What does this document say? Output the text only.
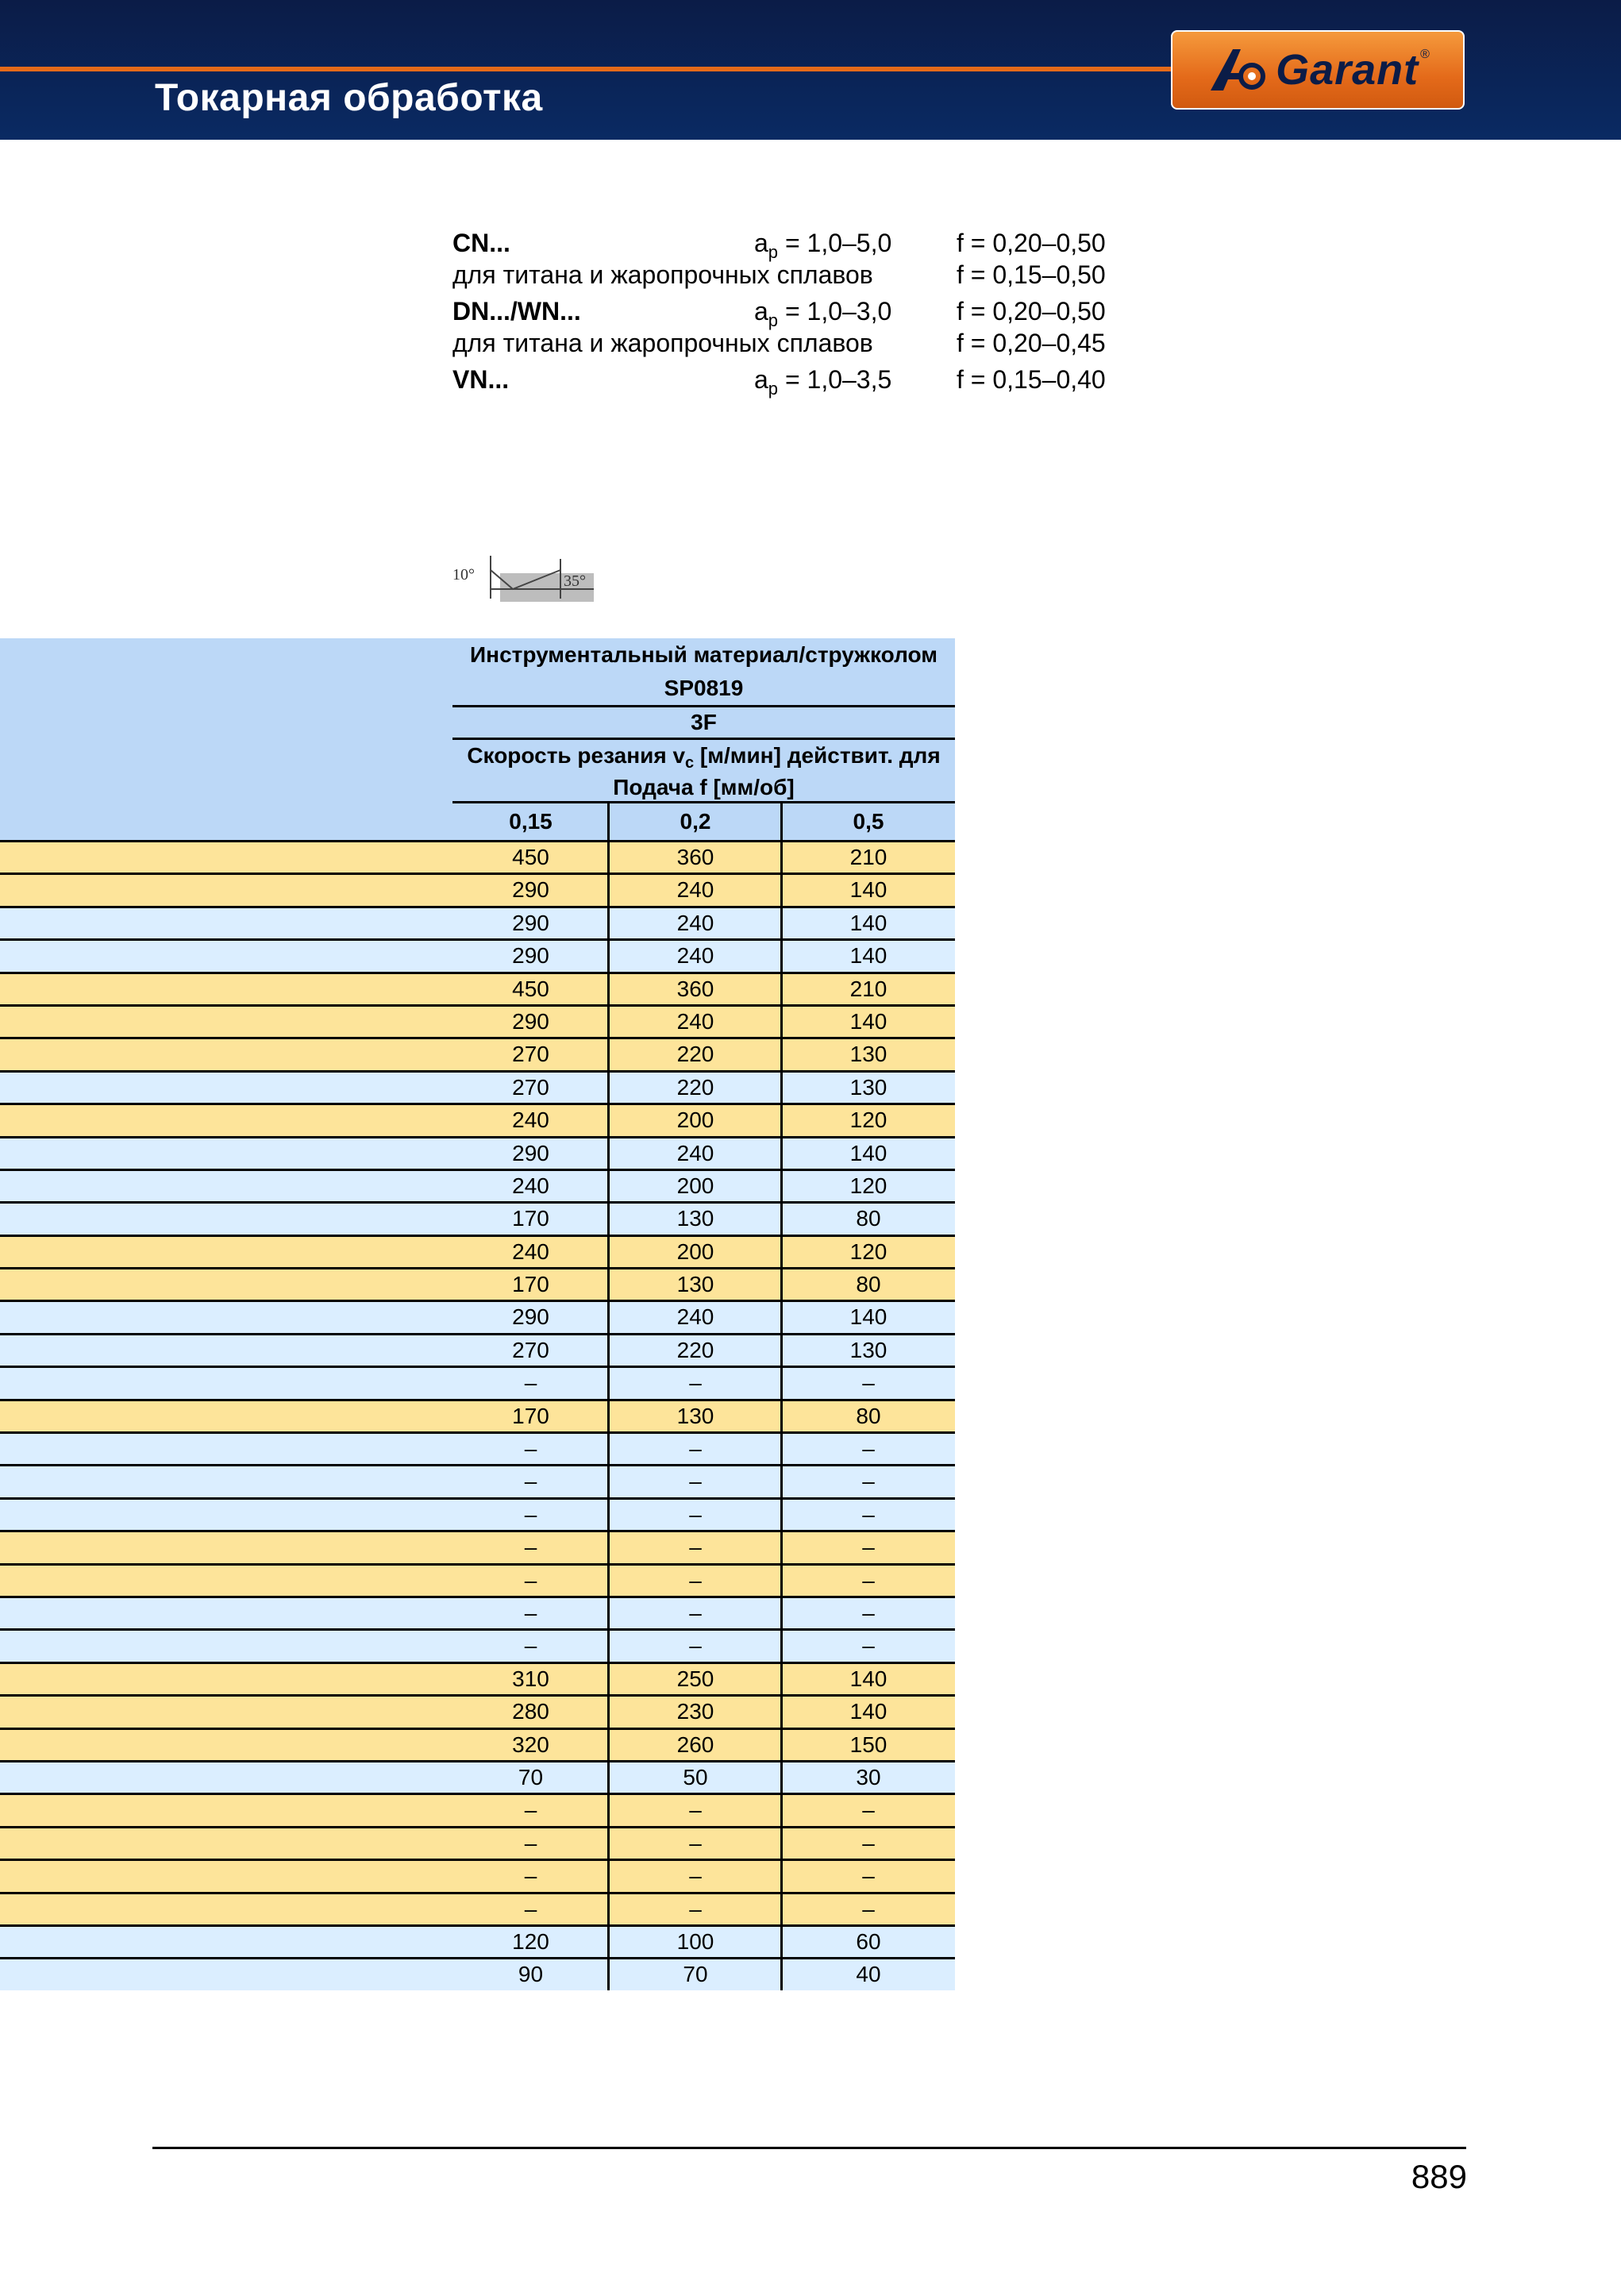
Токарная обработка
Garant ®
CN...	$a_p = 1,0-5,0$	f = 0,20–0,50
для титана и жаропрочных сплавов	f = 0,15–0,50
DN.../WN...	$a_p = 1,0-3,0$	f = 0,20–0,50
для титана и жаропрочных сплавов	f = 0,20–0,45
VN...	$a_p = 1,0-3,5$	f = 0,15–0,40
10°	35°
Инструментальный материал/стружколом
SP0819
3F
Скорость резания $v_c$ [м/мин] действит. для
Подача f [мм/об]
0,15	0,2	0,5
450	360	210
290	240	140
290	240	140
290	240	140
450	360	210
290	240	140
270	220	130
270	220	130
240	200	120
290	240	140
240	200	120
170	130	80
240	200	120
170	130	80
290	240	140
270	220	130
–	–	–
170	130	80
–	–	–
–	–	–
–	–	–
–	–	–
–	–	–
–	–	–
–	–	–
310	250	140
280	230	140
320	260	150
70	50	30
–	–	–
–	–	–
–	–	–
–	–	–
120	100	60
90	70	40
889
